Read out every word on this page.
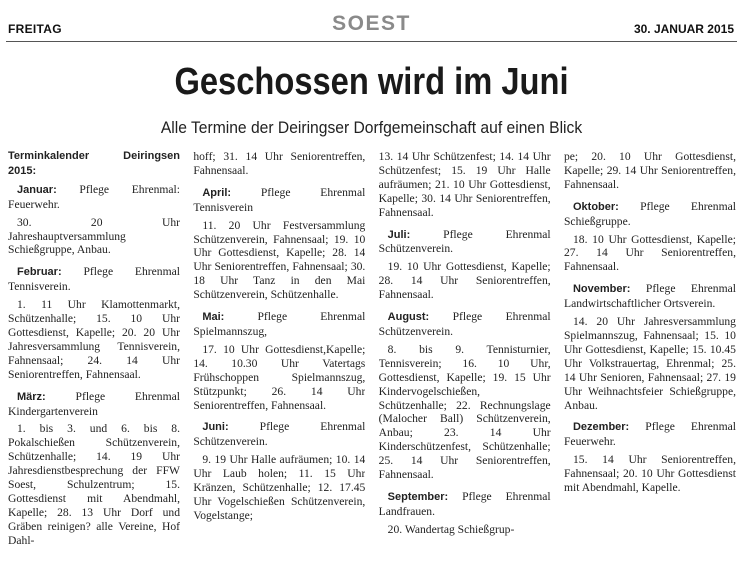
FREITAG	SOEST	30. JANUAR 2015
Geschossen wird im Juni
Alle Termine der Deiringser Dorfgemeinschaft auf einen Blick
Terminkalender	Deiringsen

2015:

Januar: Pflege Ehrenmal: Feuerwehr.

30. 20 Uhr Jahreshauptversammlung Schießgruppe, Anbau.

Februar: Pflege Ehrenmal Tennisverein.

1. 11 Uhr Klamottenmarkt, Schützenhalle; 15. 10 Uhr Gottesdienst, Kapelle; 20. 20 Uhr Jahresversammlung Tennisverein, Fahnensaal; 24. 14 Uhr Seniorentreffen, Fahnensaal.

März:	Pflege Ehrenmal Kindergartenverein

1. bis 3. und 6. bis 8. Pokalschießen Schützenverein, Schützenhalle; 14. 19 Uhr Jahresdienstbesprechung der FFW Soest, Schulzentrum; 15. Gottesdienst mit Abendmahl, Kapelle; 28. 13 Uhr Dorf und Gräben reinigen? alle Vereine, Hof Dahl-

hoff; 31. 14 Uhr Seniorentreffen, Fahnensaal.

April:	Pflege Ehrenmal Tennisverein

11. 20 Uhr Festversammlung Schützenverein, Fahnensaal; 19. 10 Uhr Gottesdienst, Kapelle; 28. 14 Uhr Seniorentreffen, Fahnensaal; 30. 18 Uhr Tanz in den Mai Schützenverein, Schützenhalle.

Mai:	Pflege Ehrenmal Spielmannszug,

17. 10 Uhr Gottesdienst,Kapelle; 14. 10.30 Uhr Vatertags Frühschoppen Spielmannszug, Stützpunkt; 26. 14 Uhr Seniorentreffen, Fahnensaal.

Juni:	Pflege Ehrenmal Schützenverein.

9. 19 Uhr Halle aufräumen; 10. 14 Uhr Laub holen; 11. 15 Uhr Kränzen, Schützenhalle; 12. 17.45 Uhr Vogelschießen Schützenverein, Vogelstange;

13. 14 Uhr Schützenfest; 14. 14 Uhr Schützenfest; 15. 19 Uhr Halle aufräumen; 21. 10 Uhr Gottesdienst, Kapelle; 30. 14 Uhr Seniorentreffen, Fahnensaal.

Juli:	Pflege Ehrenmal Schützenverein.

19. 10 Uhr Gottesdienst, Kapelle; 28. 14 Uhr Seniorentreffen, Fahnensaal.

August: Pflege Ehrenmal Schützenverein.

8. bis 9. Tennisturnier, Tennisverein; 16. 10 Uhr, Gottesdienst, Kapelle; 19. 15 Uhr Kindervogelschießen, Schützenhalle; 22. Rechnungslage (Malocher Ball) Schützenverein, Anbau; 23. 14 Uhr Kinderschützenfest, Schützenhalle; 25. 14 Uhr Seniorentreffen, Fahnensaal.

September: Pflege Ehrenmal Landfrauen.

20. Wandertag Schießgrup-

pe; 20. 10 Uhr Gottesdienst, Kapelle; 29. 14 Uhr Seniorentreffen, Fahnensaal.

Oktober: Pflege Ehrenmal Schießgruppe.

18. 10 Uhr Gottesdienst, Kapelle; 27. 14 Uhr Seniorentreffen, Fahnensaal.

November: Pflege Ehrenmal Landwirtschaftlicher Ortsverein.

14. 20 Uhr Jahresversammlung Spielmannszug, Fahnensaal; 15. 10 Uhr Gottesdienst, Kapelle; 15. 10.45 Uhr Volkstrauertag, Ehrenmal; 25. 14 Uhr Senioren, Fahnensaal; 27. 19 Uhr Weihnachtsfeier Schießgruppe, Anbau.

Dezember: Pflege Ehrenmal Feuerwehr.

15. 14 Uhr Seniorentreffen, Fahnensaal; 20. 10 Uhr Gottesdienst mit Abendmahl, Kapelle.
